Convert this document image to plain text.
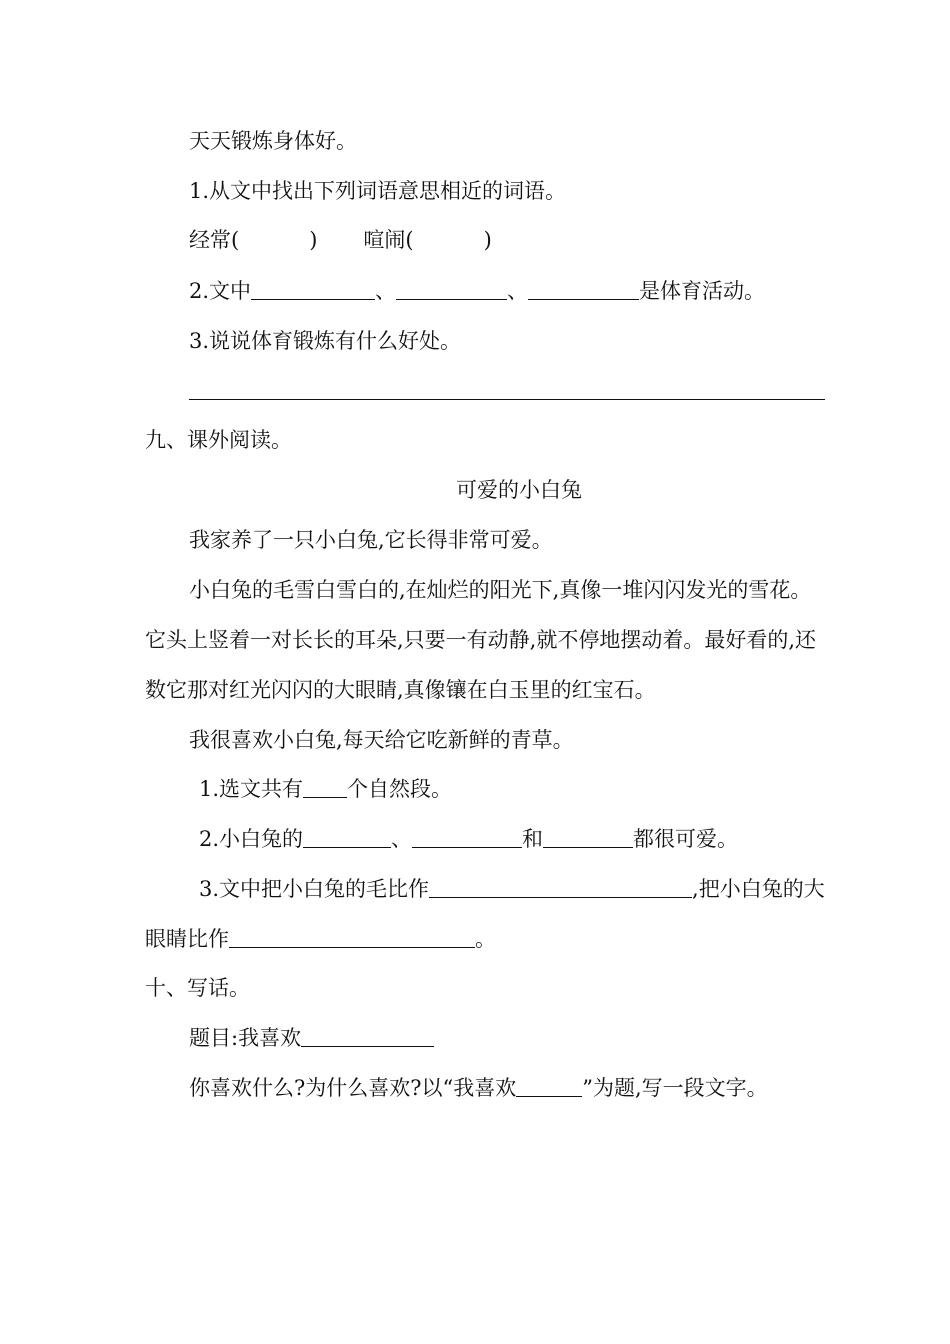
天天锻炼身体好。
1.从文中找出下列词语意思相近的词语。
经常(	) 喧闹(	)
2.文中	、	、	是体育活动。
3.说说体育锻炼有什么好处。
九、课外阅读。
可爱的小白兔
我家养了一只小白兔,它长得非常可爱。
小白兔的毛雪白雪白的,在灿烂的阳光下,真像一堆闪闪发光的雪花。
它头上竖着一对长长的耳朵,只要一有动静,就不停地摆动着。最好看的,还
数它那对红光闪闪的大眼睛,真像镶在白玉里的红宝石。
我很喜欢小白兔,每天给它吃新鲜的青草。
1.选文共有 个自然段。
2.小白兔的	、	和	都很可爱。
3.文中把小白兔的毛比作	,把小白兔的大
眼睛比作	。
十、写话。
题目:我喜欢
你喜欢什么?为什么喜欢?以“我喜欢	”为题,写一段文字。
